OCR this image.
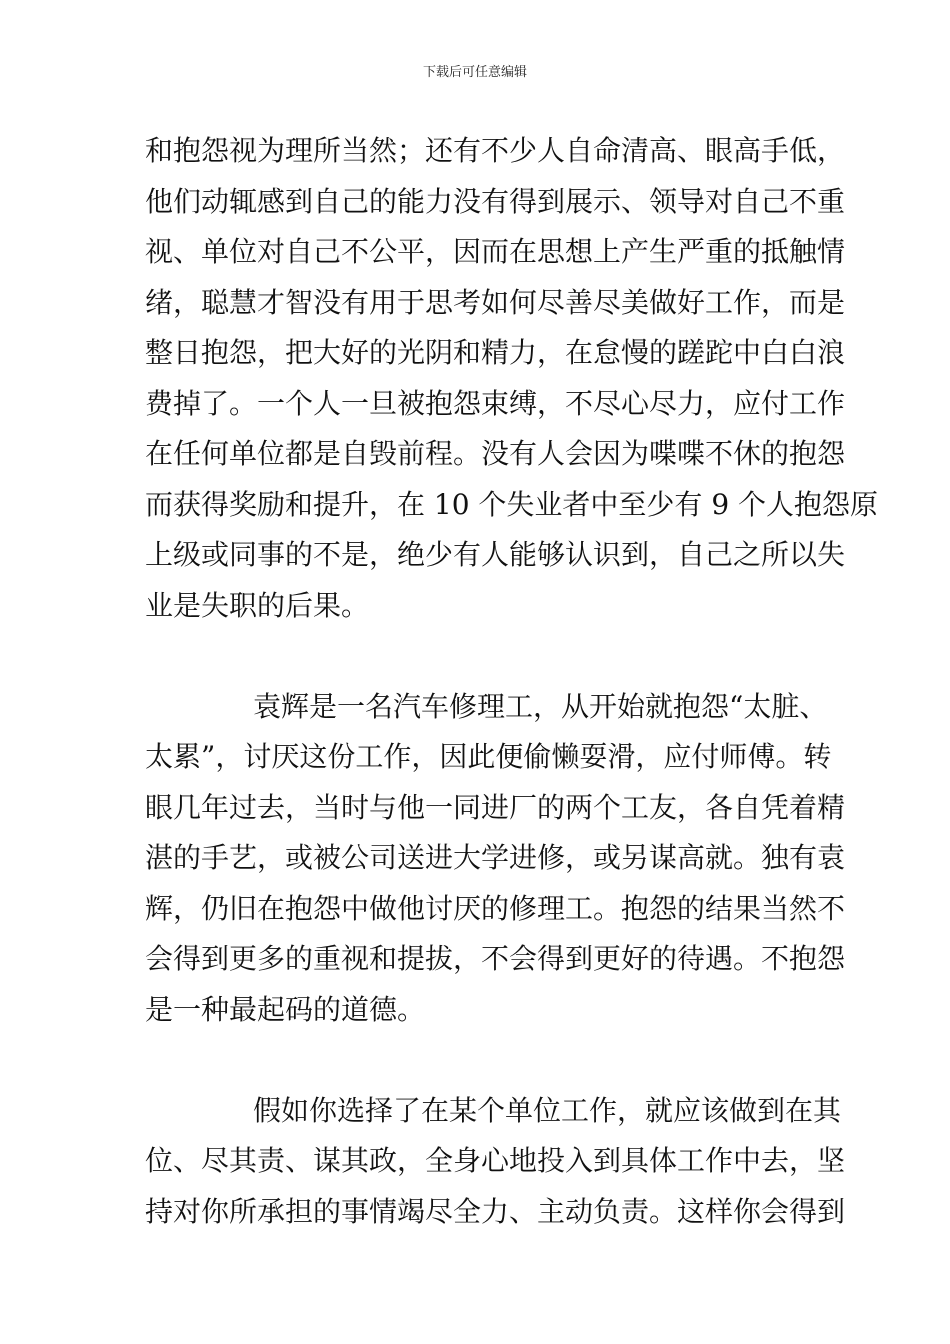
下载后可任意编辑
和抱怨视为理所当然；还有不少人自命清高、眼高手低，
他们动辄感到自己的能力没有得到展示、领导对自己不重
视、单位对自己不公平，因而在思想上产生严重的抵触情
绪，聪慧才智没有用于思考如何尽善尽美做好工作，而是
整日抱怨，把大好的光阴和精力，在怠慢的蹉跎中白白浪
费掉了。一个人一旦被抱怨束缚，不尽心尽力，应付工作
在任何单位都是自毁前程。没有人会因为喋喋不休的抱怨
而获得奖励和提升，在 10 个失业者中至少有 9 个人抱怨原
上级或同事的不是，绝少有人能够认识到，自己之所以失
业是失职的后果。
袁辉是一名汽车修理工，从开始就抱怨“太脏、
太累”，讨厌这份工作，因此便偷懒耍滑，应付师傅。转
眼几年过去，当时与他一同进厂的两个工友，各自凭着精
湛的手艺，或被公司送进大学进修，或另谋高就。独有袁
辉，仍旧在抱怨中做他讨厌的修理工。抱怨的结果当然不
会得到更多的重视和提拔，不会得到更好的待遇。不抱怨
是一种最起码的道德。
假如你选择了在某个单位工作，就应该做到在其
位、尽其责、谋其政，全身心地投入到具体工作中去，坚
持对你所承担的事情竭尽全力、主动负责。这样你会得到
